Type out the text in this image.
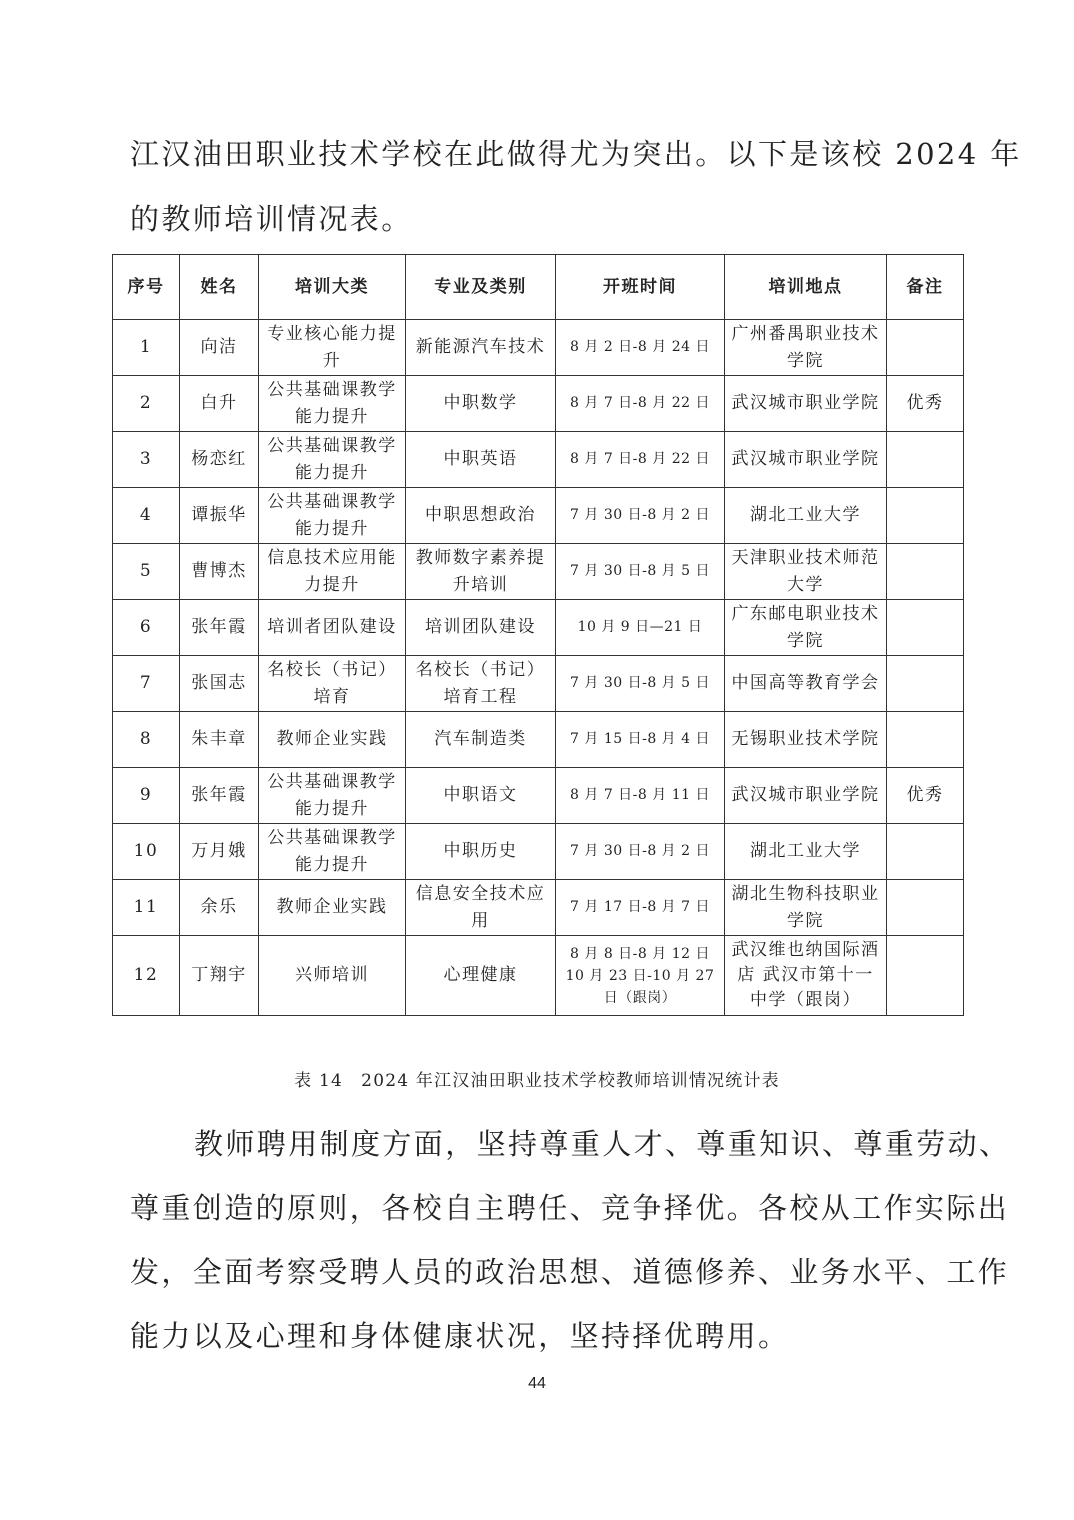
江汉油田职业技术学校在此做得尤为突出。以下是该校 2024 年
的教师培训情况表。
序号	姓名	培训大类	专业及类别	开班时间	培训地点	备注
1	向洁	专业核心能力提升	新能源汽车技术	8 月 2 日-8 月 24 日	广州番禺职业技术学院	
2	白升	公共基础课教学能力提升	中职数学	8 月 7 日-8 月 22 日	武汉城市职业学院	优秀
3	杨恋红	公共基础课教学能力提升	中职英语	8 月 7 日-8 月 22 日	武汉城市职业学院	
4	谭振华	公共基础课教学能力提升	中职思想政治	7 月 30 日-8 月 2 日	湖北工业大学	
5	曹博杰	信息技术应用能力提升	教师数字素养提升培训	7 月 30 日-8 月 5 日	天津职业技术师范大学	
6	张年霞	培训者团队建设	培训团队建设	10 月 9 日—21 日	广东邮电职业技术学院	
7	张国志	名校长（书记）培育	名校长（书记）培育工程	7 月 30 日-8 月 5 日	中国高等教育学会	
8	朱丰章	教师企业实践	汽车制造类	7 月 15 日-8 月 4 日	无锡职业技术学院	
9	张年霞	公共基础课教学能力提升	中职语文	8 月 7 日-8 月 11 日	武汉城市职业学院	优秀
10	万月娥	公共基础课教学能力提升	中职历史	7 月 30 日-8 月 2 日	湖北工业大学	
11	余乐	教师企业实践	信息安全技术应用	7 月 17 日-8 月 7 日	湖北生物科技职业学院	
12	丁翔宇	兴师培训	心理健康	8 月 8 日-8 月 12 日 10 月 23 日-10 月 27 日（跟岗）	武汉维也纳国际酒店 武汉市第十一中学（跟岗）	
表 14　2024 年江汉油田职业技术学校教师培训情况统计表
教师聘用制度方面，坚持尊重人才、尊重知识、尊重劳动、
尊重创造的原则，各校自主聘任、竞争择优。各校从工作实际出
发，全面考察受聘人员的政治思想、道德修养、业务水平、工作
能力以及心理和身体健康状况，坚持择优聘用。
44
